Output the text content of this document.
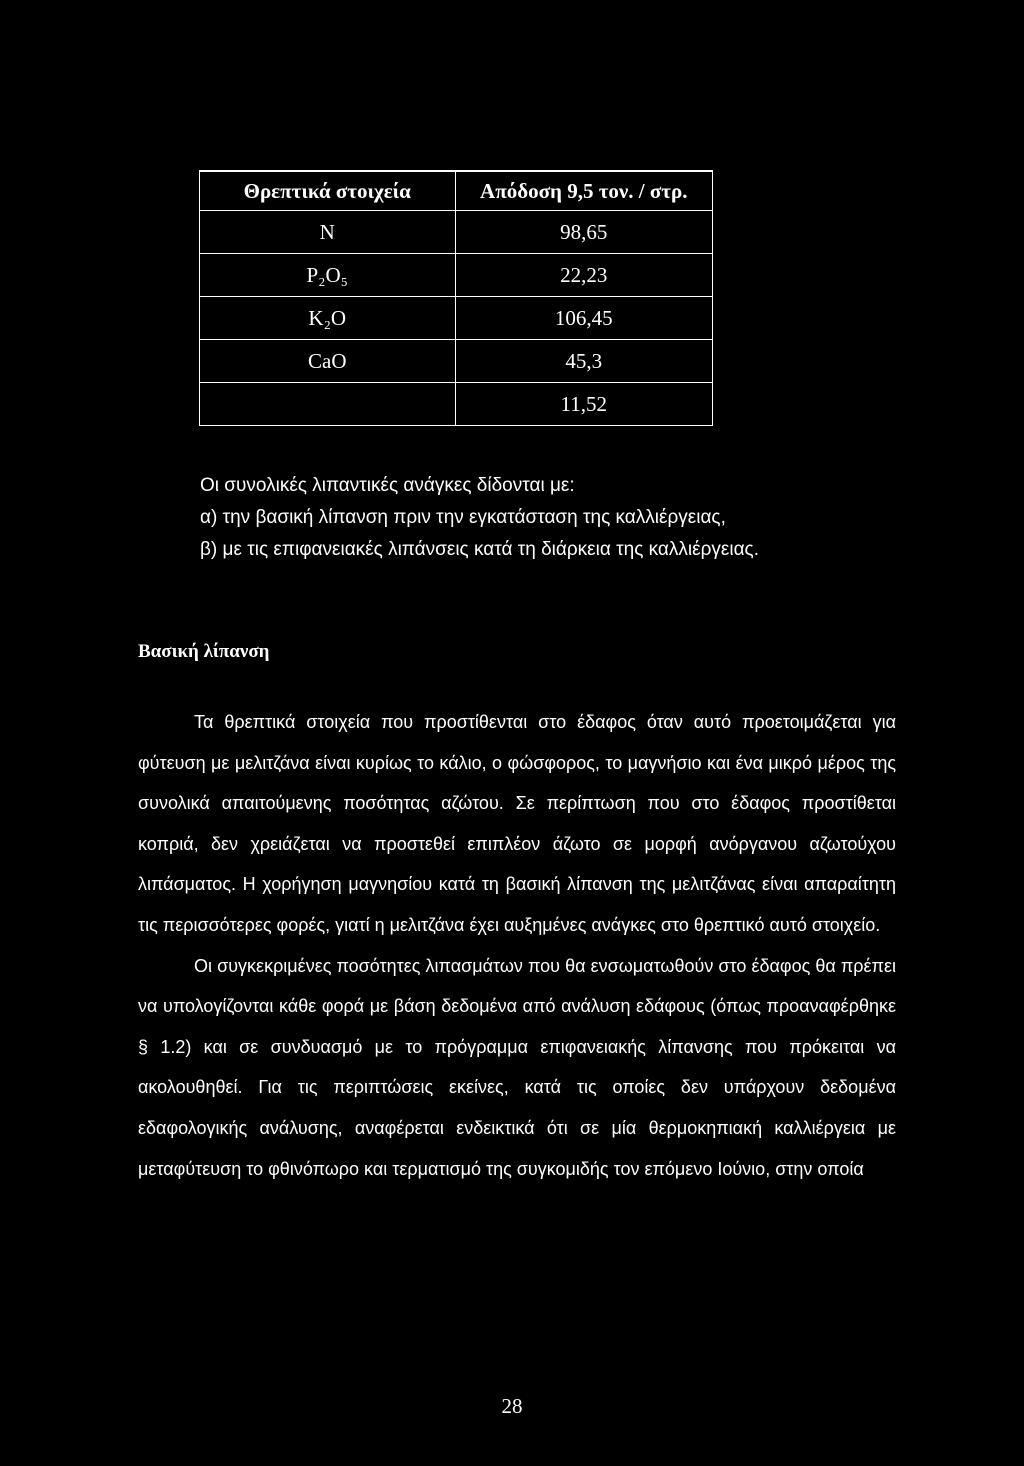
Θρεπτικά στοιχεία	Απόδοση 9,5 τον. / στρ.
N	98,65
P₂O₅	22,23
K₂O	106,45
CaO	45,3
	11,52

Οι συνολικές λιπαντικές ανάγκες δίδονται με:

α) την βασική λίπανση πριν την εγκατάσταση της καλλιέργειας,

β) με τις επιφανειακές λιπάνσεις κατά τη διάρκεια της καλλιέργειας.

Βασική λίπανση

Τα θρεπτικά στοιχεία που προστίθενται στο έδαφος όταν αυτό προετοιμάζεται για φύτευση με μελιτζάνα είναι κυρίως το κάλιο, ο φώσφορος, το μαγνήσιο και ένα μικρό μέρος της συνολικά απαιτούμενης ποσότητας αζώτου. Σε περίπτωση που στο έδαφος προστίθεται κοπριά, δεν χρειάζεται να προστεθεί επιπλέον άζωτο σε μορφή ανόργανου αζωτούχου λιπάσματος. Η χορήγηση μαγνησίου κατά τη βασική λίπανση της μελιτζάνας είναι απαραίτητη τις περισσότερες φορές, γιατί η μελιτζάνα έχει αυξημένες ανάγκες στο θρεπτικό αυτό στοιχείο.

Οι συγκεκριμένες ποσότητες λιπασμάτων που θα ενσωματωθούν στο έδαφος θα πρέπει να υπολογίζονται κάθε φορά με βάση δεδομένα από ανάλυση εδάφους (όπως προαναφέρθηκε § 1.2) και σε συνδυασμό με το πρόγραμμα επιφανειακής λίπανσης που πρόκειται να ακολουθηθεί. Για τις περιπτώσεις εκείνες, κατά τις οποίες δεν υπάρχουν δεδομένα εδαφολογικής ανάλυσης, αναφέρεται ενδεικτικά ότι σε μία θερμοκηπιακή καλλιέργεια με μεταφύτευση το φθινόπωρο και τερματισμό της συγκομιδής τον επόμενο Ιούνιο, στην οποία

28
